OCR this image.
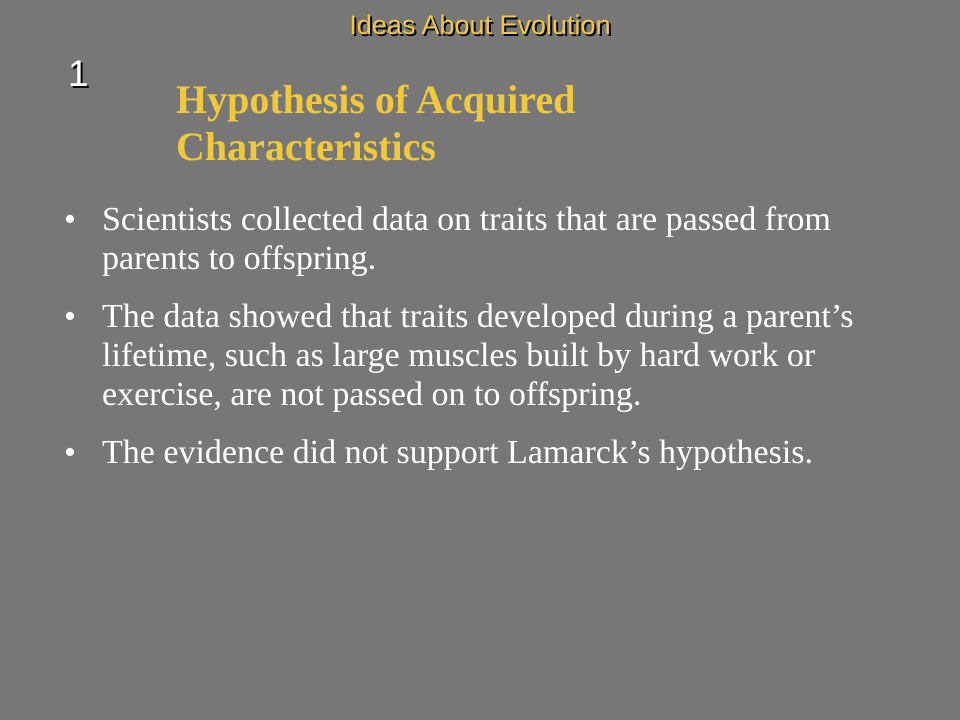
Ideas About Evolution
1
Hypothesis of Acquired
Characteristics
• Scientists collected data on traits that are passed from parents to offspring.
• The data showed that traits developed during a parent’s lifetime, such as large muscles built by hard work or exercise, are not passed on to offspring.
• The evidence did not support Lamarck’s hypothesis.
